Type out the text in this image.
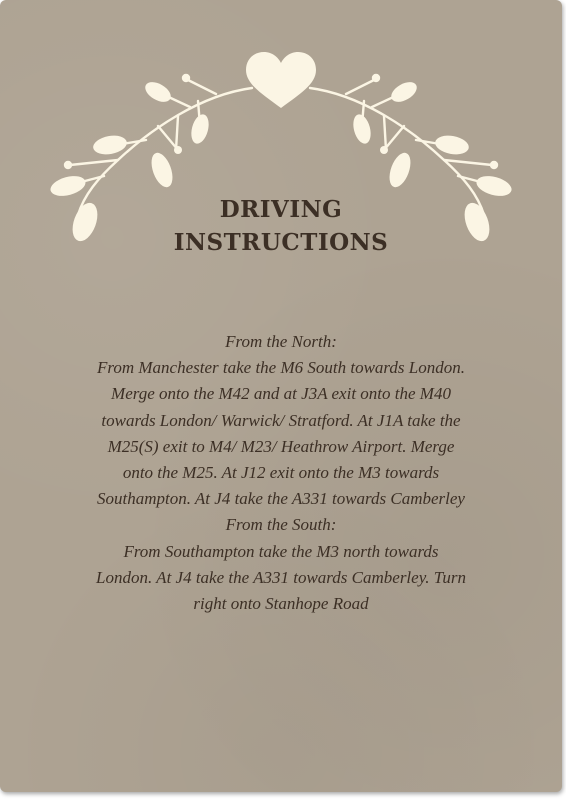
DRIVING
INSTRUCTIONS

From the North:

From Manchester take the M6 South towards London.

Merge onto the M42 and at J3A exit onto the M40

towards London/ Warwick/ Stratford. At J1A take the

M25(S) exit to M4/ M23/ Heathrow Airport. Merge

onto the M25. At J12 exit onto the M3 towards

Southampton. At J4 take the A331 towards Camberley

From the South:

From Southampton take the M3 north towards

London. At J4 take the A331 towards Camberley. Turn

right onto Stanhope Road
